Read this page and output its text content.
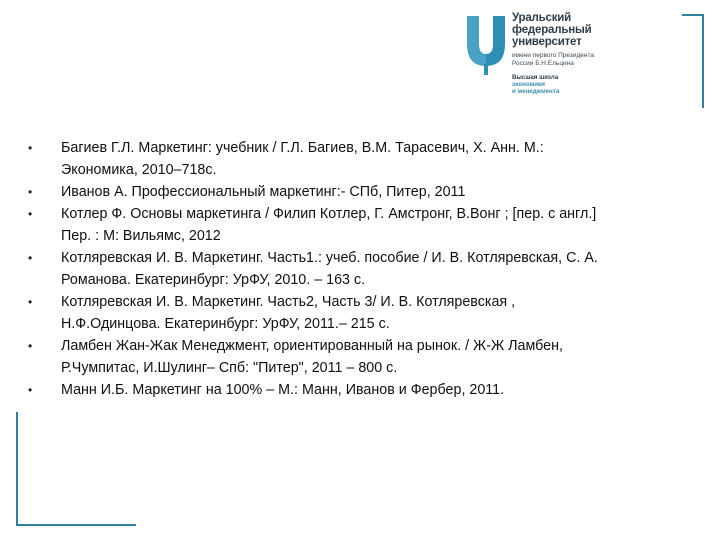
Уральский
федеральный
университет
имени первого Президента
России Б.Н.Ельцина
Высшая школа
экономики
и менеджмента
•	Багиев Г.Л. Маркетинг: учебник / Г.Л. Багиев, В.М. Тарасевич, Х. Анн. М.: Экономика, 2010–718с.
•	Иванов А. Профессиональный маркетинг:- СПб, Питер, 2011
•	Котлер Ф. Основы маркетинга / Филип Котлер, Г. Амстронг, В.Вонг ; [пер. с англ.] Пер. : М: Вильямс, 2012
•	Котляревская И. В. Маркетинг. Часть1.: учеб. пособие / И. В. Котляревская, С. А. Романова. Екатеринбург: УрФУ, 2010. – 163 с.
•	Котляревская И. В. Маркетинг. Часть2, Часть 3/ И. В. Котляревская , Н.Ф.Одинцова. Екатеринбург: УрФУ, 2011.– 215 с.
•	Ламбен Жан-Жак Менеджмент, ориентированный на рынок. / Ж-Ж Ламбен, Р.Чумпитас, И.Шулинг– Спб: "Питер", 2011 – 800 с.
•	Манн И.Б. Маркетинг на 100% – М.: Манн, Иванов и Фербер, 2011.
